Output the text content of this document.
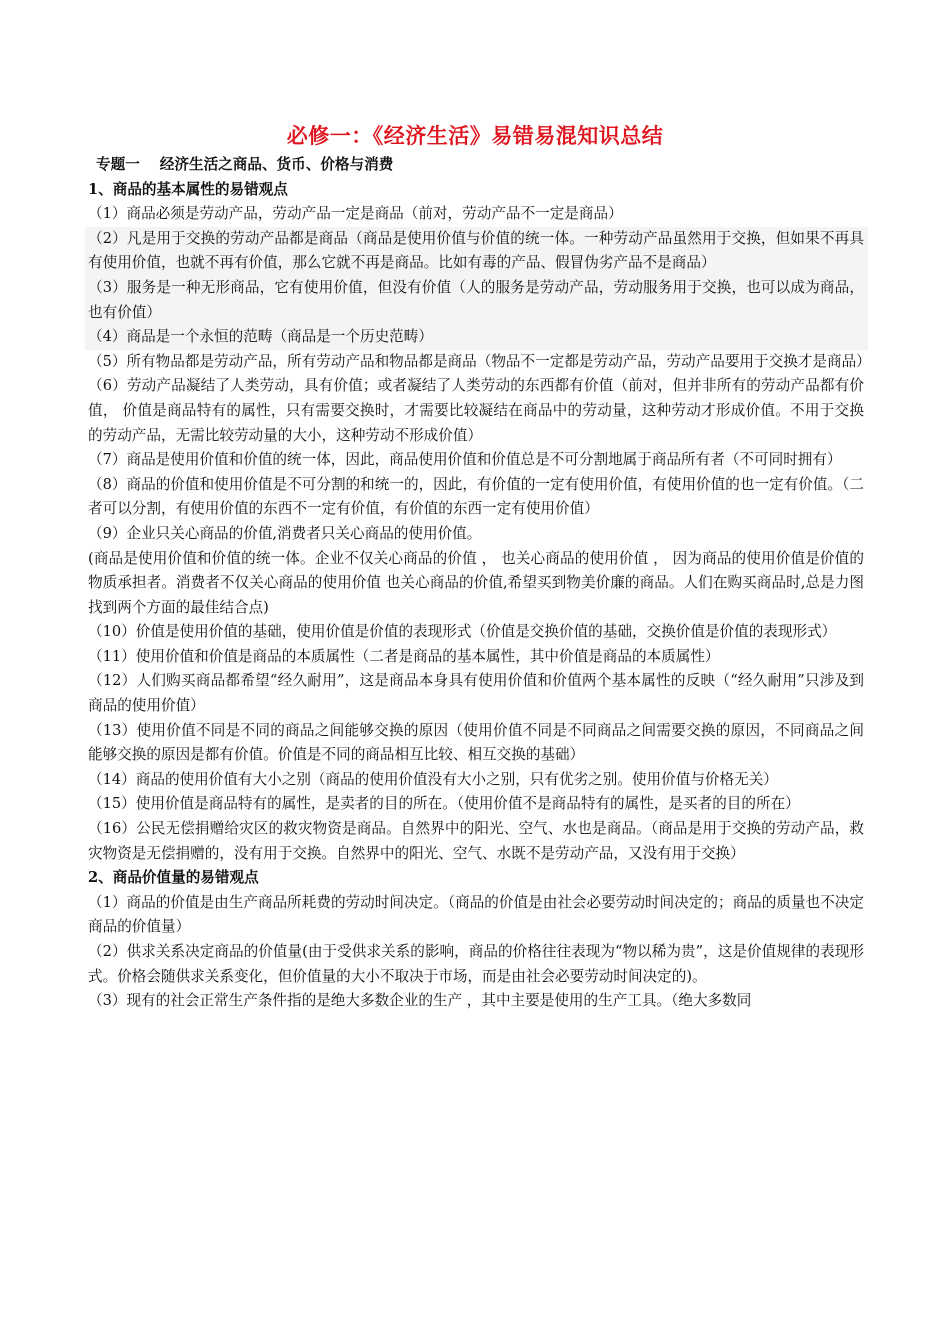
必修一：《经济生活》易错易混知识总结
专题一 经济生活之商品、货币、价格与消费
1、商品的基本属性的易错观点
（1）商品必须是劳动产品，劳动产品一定是商品（前对，劳动产品不一定是商品）
（2）凡是用于交换的劳动产品都是商品（商品是使用价值与价值的统一体。一种劳动产品虽然用于交换，但如果不再具有使用价值，也就不再有价值，那么它就不再是商品。比如有毒的产品、假冒伪劣产品不是商品）
（3）服务是一种无形商品，它有使用价值，但没有价值（人的服务是劳动产品，劳动服务用于交换，也可以成为商品，也有价值）
（4）商品是一个永恒的范畴（商品是一个历史范畴）
（5）所有物品都是劳动产品，所有劳动产品和物品都是商品（物品不一定都是劳动产品，劳动产品要用于交换才是商品）
（6）劳动产品凝结了人类劳动，具有价值；或者凝结了人类劳动的东西都有价值（前对，但并非所有的劳动产品都有价值， 价值是商品特有的属性，只有需要交换时，才需要比较凝结在商品中的劳动量，这种劳动才形成价值。不用于交换的劳动产品，无需比较劳动量的大小，这种劳动不形成价值）
（7）商品是使用价值和价值的统一体，因此，商品使用价值和价值总是不可分割地属于商品所有者（不可同时拥有）
（8）商品的价值和使用价值是不可分割的和统一的，因此，有价值的一定有使用价值，有使用价值的也一定有价值。（二者可以分割，有使用价值的东西不一定有价值，有价值的东西一定有使用价值）
（9）企业只关心商品的价值,消费者只关心商品的使用价值。
(商品是使用价值和价值的统一体。企业不仅关心商品的价值 ， 也关心商品的使用价值 ， 因为商品的使用价值是价值的物质承担者。消费者不仅关心商品的使用价值 也关心商品的价值,希望买到物美价廉的商品。人们在购买商品时,总是力图找到两个方面的最佳结合点)
（10）价值是使用价值的基础，使用价值是价值的表现形式（价值是交换价值的基础，交换价值是价值的表现形式）
（11）使用价值和价值是商品的本质属性（二者是商品的基本属性，其中价值是商品的本质属性）
（12）人们购买商品都希望“经久耐用”，这是商品本身具有使用价值和价值两个基本属性的反映（“经久耐用”只涉及到商品的使用价值）
（13）使用价值不同是不同的商品之间能够交换的原因（使用价值不同是不同商品之间需要交换的原因，不同商品之间能够交换的原因是都有价值。价值是不同的商品相互比较、相互交换的基础）
（14）商品的使用价值有大小之别（商品的使用价值没有大小之别，只有优劣之别。使用价值与价格无关）
（15）使用价值是商品特有的属性，是卖者的目的所在。（使用价值不是商品特有的属性，是买者的目的所在）
（16）公民无偿捐赠给灾区的救灾物资是商品。自然界中的阳光、空气、水也是商品。（商品是用于交换的劳动产品，救灾物资是无偿捐赠的，没有用于交换。自然界中的阳光、空气、水既不是劳动产品，又没有用于交换）
2、商品价值量的易错观点
（1）商品的价值是由生产商品所耗费的劳动时间决定。（商品的价值是由社会必要劳动时间决定的；商品的质量也不决定商品的价值量）
（2）供求关系决定商品的价值量(由于受供求关系的影响，商品的价格往往表现为“物以稀为贵”，这是价值规律的表现形式。价格会随供求关系变化，但价值量的大小不取决于市场，而是由社会必要劳动时间决定的)。
（3）现有的社会正常生产条件指的是绝大多数企业的生产 ，其中主要是使用的生产工具。（绝大多数同
